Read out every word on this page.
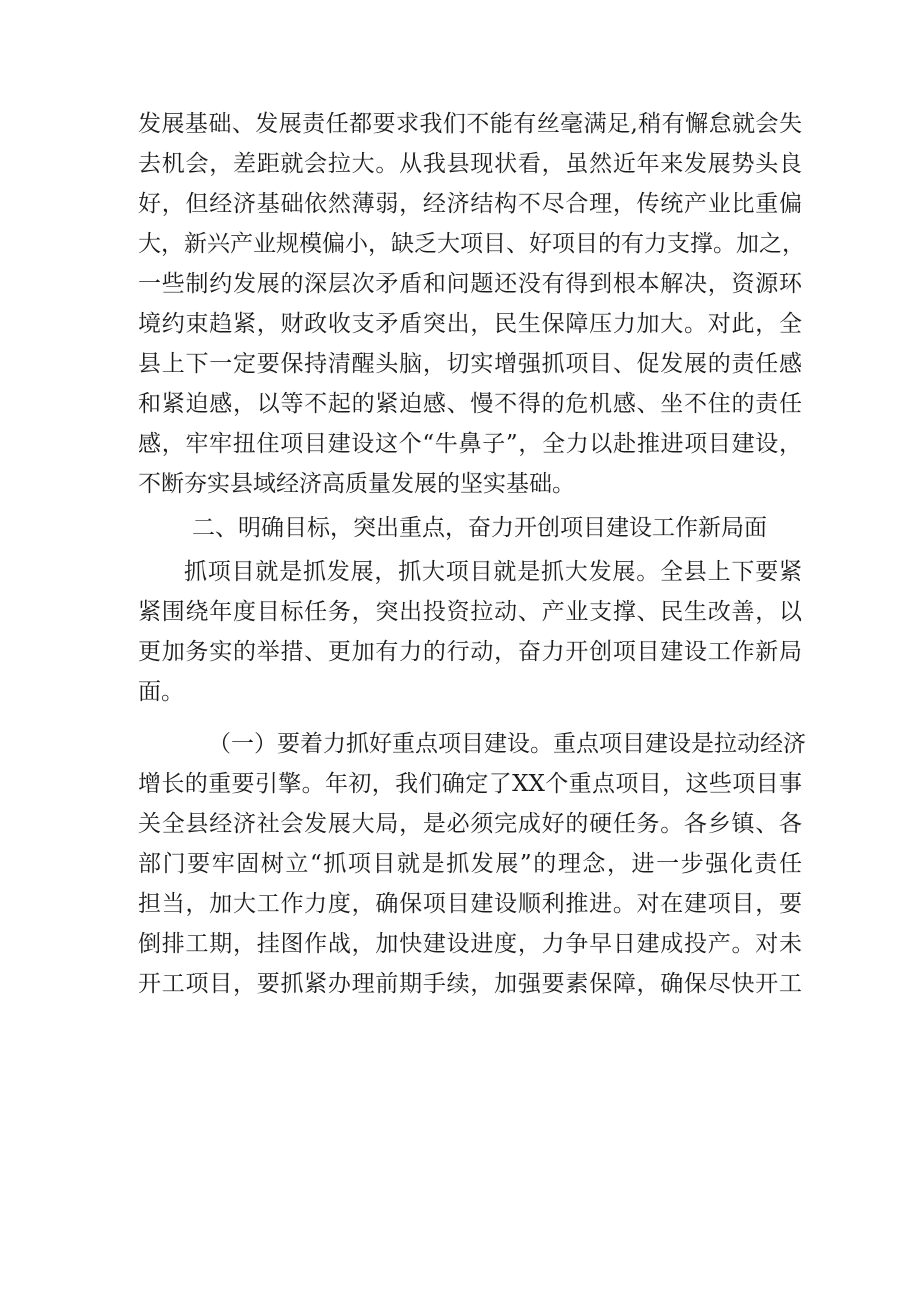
发展基础、发展责任都要求我们不能有丝毫满足,稍有懈怠就会失
去机会，差距就会拉大。从我县现状看，虽然近年来发展势头良
好，但经济基础依然薄弱，经济结构不尽合理，传统产业比重偏
大，新兴产业规模偏小，缺乏大项目、好项目的有力支撑。加之，
一些制约发展的深层次矛盾和问题还没有得到根本解决，资源环
境约束趋紧，财政收支矛盾突出，民生保障压力加大。对此，全
县上下一定要保持清醒头脑，切实增强抓项目、促发展的责任感
和紧迫感，以等不起的紧迫感、慢不得的危机感、坐不住的责任
感，牢牢扭住项目建设这个“牛鼻子”，全力以赴推进项目建设，
不断夯实县域经济高质量发展的坚实基础。
二、明确目标，突出重点，奋力开创项目建设工作新局面
抓项目就是抓发展，抓大项目就是抓大发展。全县上下要紧
紧围绕年度目标任务，突出投资拉动、产业支撑、民生改善，以
更加务实的举措、更加有力的行动，奋力开创项目建设工作新局
面。
（一）要着力抓好重点项目建设。重点项目建设是拉动经济
增长的重要引擎。年初，我们确定了XX个重点项目，这些项目事
关全县经济社会发展大局，是必须完成好的硬任务。各乡镇、各
部门要牢固树立“抓项目就是抓发展”的理念，进一步强化责任
担当，加大工作力度，确保项目建设顺利推进。对在建项目，要
倒排工期，挂图作战，加快建设进度，力争早日建成投产。对未
开工项目，要抓紧办理前期手续，加强要素保障，确保尽快开工
